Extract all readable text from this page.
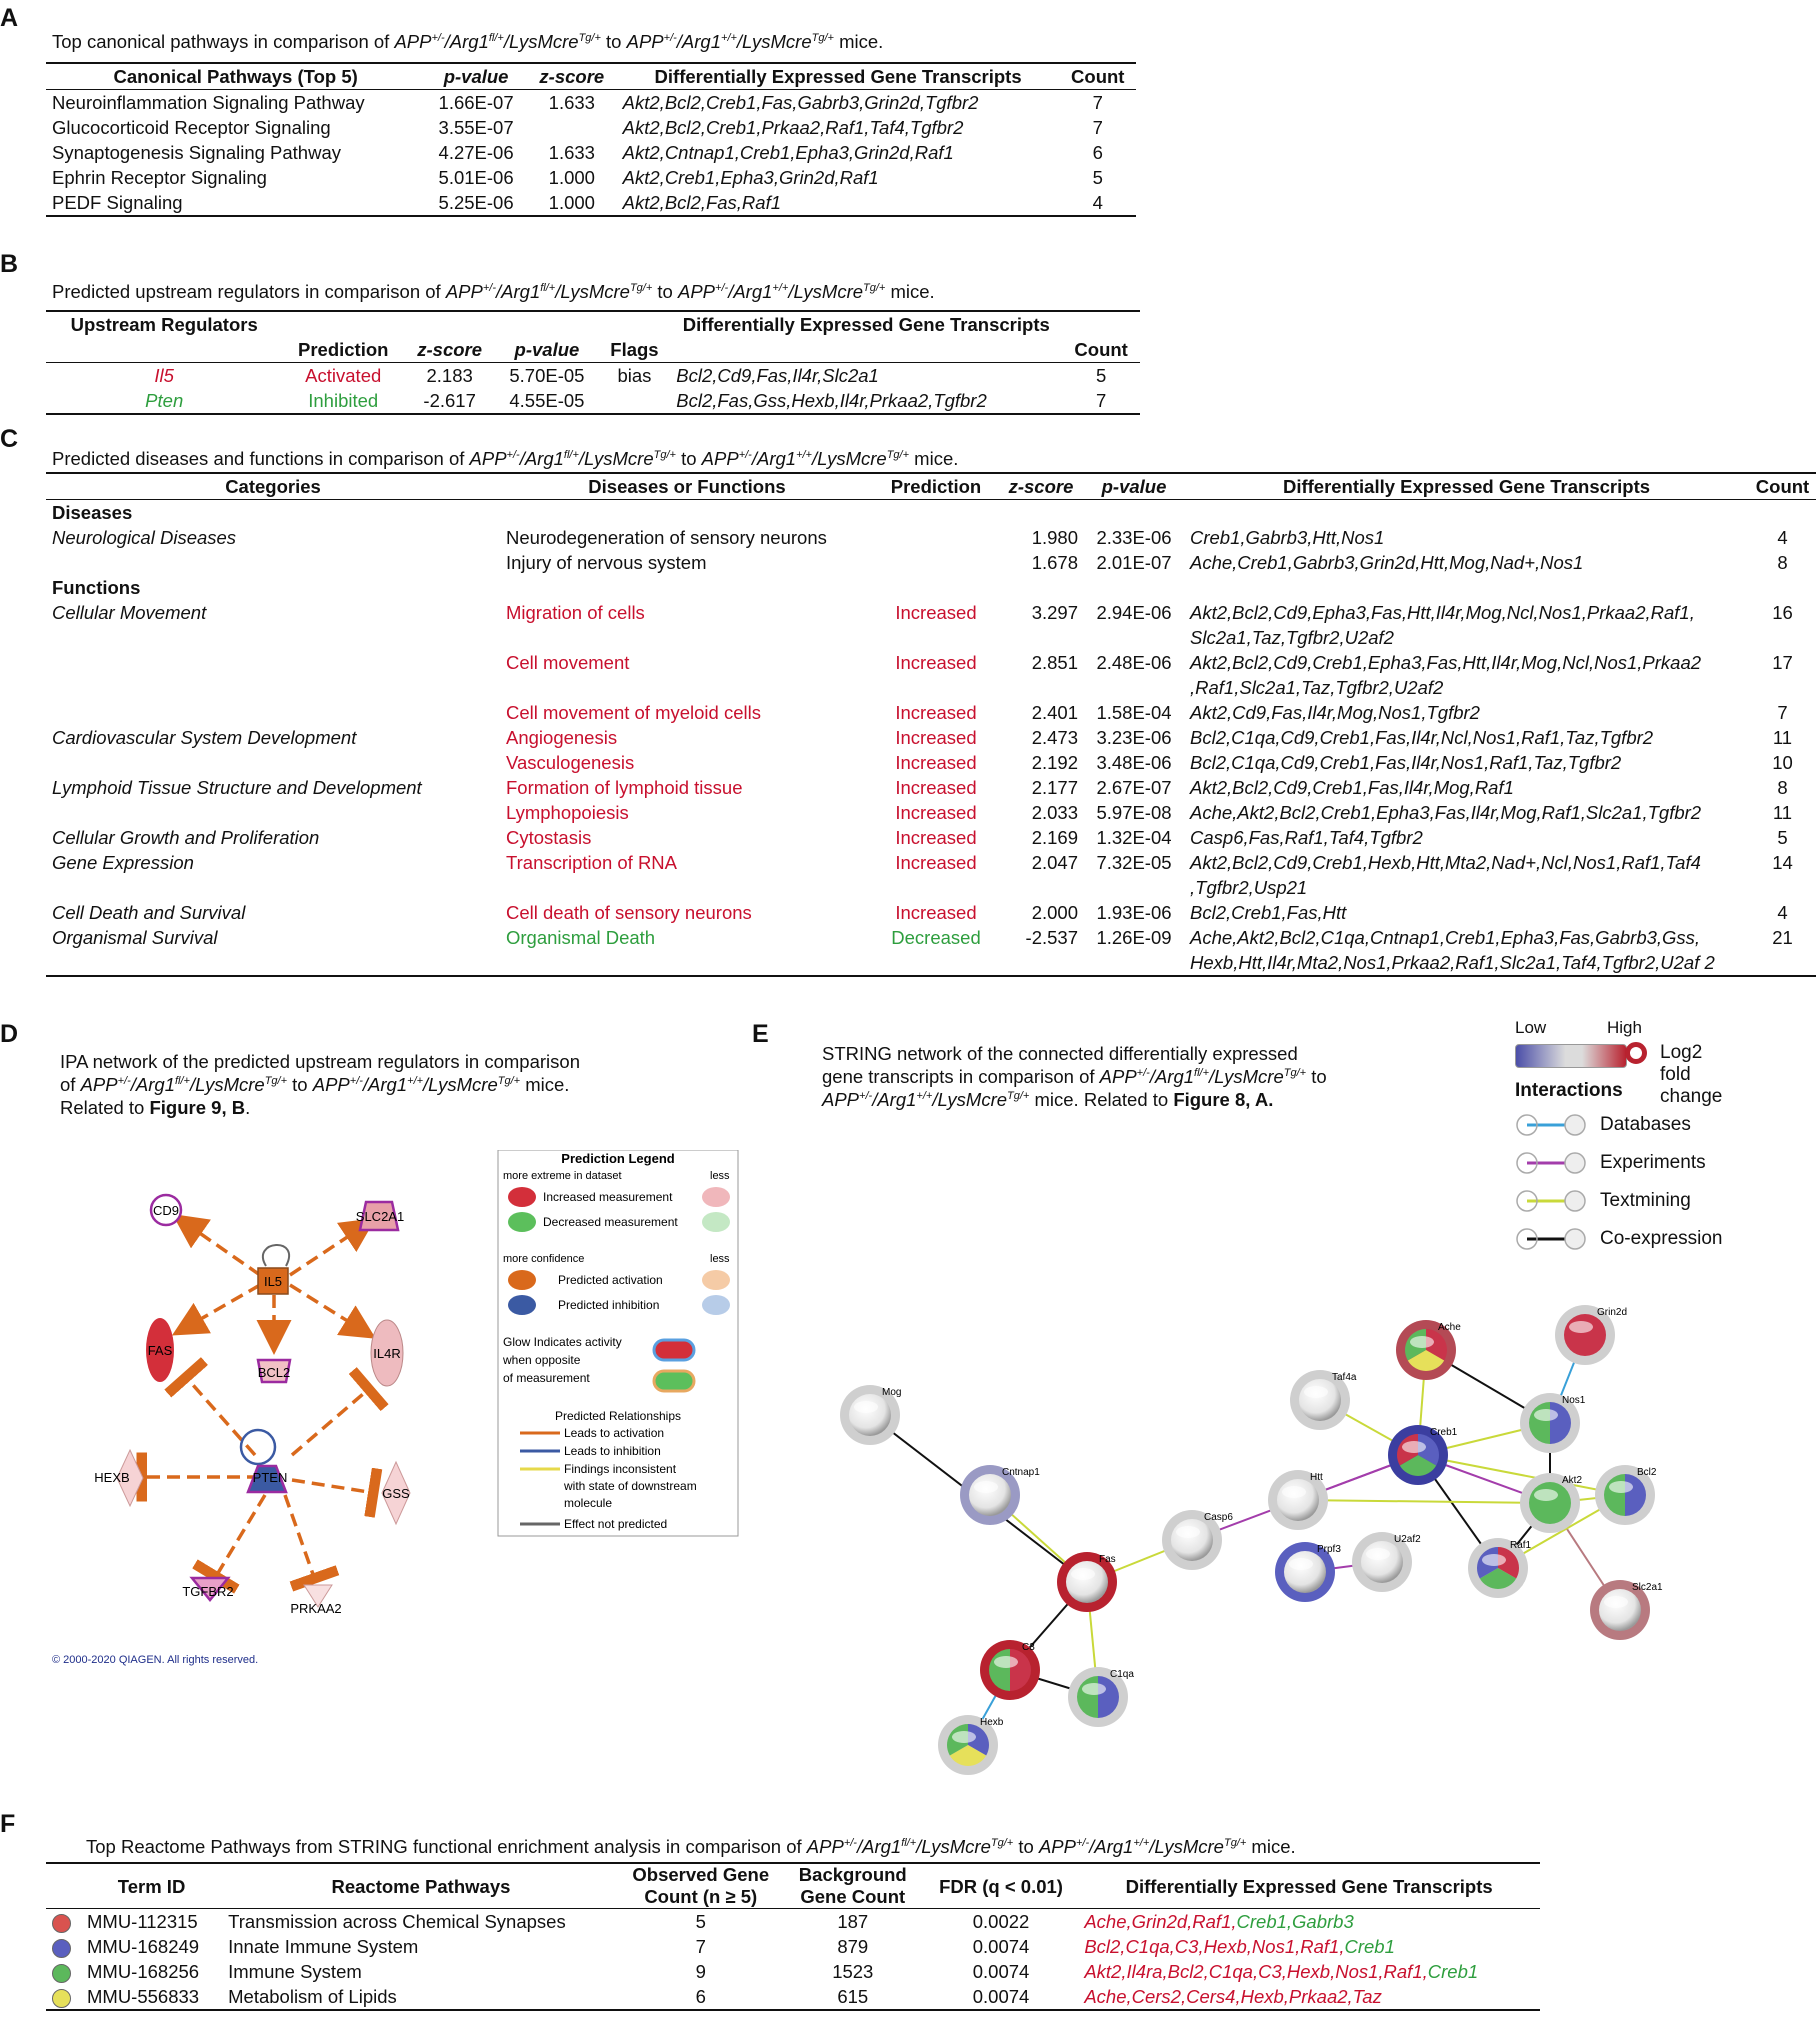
A
Top canonical pathways in comparison of $APP^{+/-}/Arg1^{fl/+}/LysMcre^{Tg/+}$ to APP+/-/Arg1+/+/LysMcre$^{Tg/+}$ mice.
Canonical Pathways (Top 5)	p-value	z-score	Differentially Expressed Gene Transcripts	Count
Neuroinflammation Signaling Pathway	1.66E-07	1.633	Akt2,Bcl2,Creb1,Fas,Gabrb3,Grin2d,Tgfbr2	7
Glucocorticoid Receptor Signaling	3.55E-07		Akt2,Bcl2,Creb1,Prkaa2,Raf1,Taf4,Tgfbr2	7
Synaptogenesis Signaling Pathway	4.27E-06	1.633	Akt2,Cntnap1,Creb1,Epha3,Grin2d,Raf1	6
Ephrin Receptor Signaling	5.01E-06	1.000	Akt2,Creb1,Epha3,Grin2d,Raf1	5
PEDF Signaling	5.25E-06	1.000	Akt2,Bcl2,Fas,Raf1	4
B
Predicted upstream regulators in comparison of $APP^{+/-}/Arg1^{fl/+}/LysMcre^{Tg/+}$ to APP+/-/Arg1+/+/LysMcre$^{Tg/+}$ mice.
Upstream Regulators					Differentially Expressed Gene Transcripts	
	Prediction	z-score	p-value	Flags		Count
Il5	Activated	2.183	5.70E-05	bias	Bcl2,Cd9,Fas,Il4r,Slc2a1	5
Pten	Inhibited	-2.617	4.55E-05		Bcl2,Fas,Gss,Hexb,Il4r,Prkaa2,Tgfbr2	7
C
Predicted diseases and functions in comparison of $APP^{+/-}/Arg1^{fl/+}/LysMcre^{Tg/+}$ to APP+/-/Arg1+/+/LysMcre$^{Tg/+}$ mice.
Categories	Diseases or Functions	Prediction	z-score	p-value	Differentially Expressed Gene Transcripts	Count
Diseases						
Neurological Diseases	Neurodegeneration of sensory neurons		1.980	2.33E-06	Creb1,Gabrb3,Htt,Nos1	4
	Injury of nervous system		1.678	2.01E-07	Ache,Creb1,Gabrb3,Grin2d,Htt,Mog,Nad+,Nos1	8
Functions						
Cellular Movement	Migration of cells	Increased	3.297	2.94E-06	Akt2,Bcl2,Cd9,Epha3,Fas,Htt,Il4r,Mog,Ncl,Nos1,Prkaa2,Raf1, Slc2a1,Taz,Tgfbr2,U2af2	16
	Cell movement	Increased	2.851	2.48E-06	Akt2,Bcl2,Cd9,Creb1,Epha3,Fas,Htt,Il4r,Mog,Ncl,Nos1,Prkaa2 ,Raf1,Slc2a1,Taz,Tgfbr2,U2af2	17
	Cell movement of myeloid cells	Increased	2.401	1.58E-04	Akt2,Cd9,Fas,Il4r,Mog,Nos1,Tgfbr2	7
Cardiovascular System Development	Angiogenesis	Increased	2.473	3.23E-06	Bcl2,C1qa,Cd9,Creb1,Fas,Il4r,Ncl,Nos1,Raf1,Taz,Tgfbr2	11
	Vasculogenesis	Increased	2.192	3.48E-06	Bcl2,C1qa,Cd9,Creb1,Fas,Il4r,Nos1,Raf1,Taz,Tgfbr2	10
Lymphoid Tissue Structure and Development	Formation of lymphoid tissue	Increased	2.177	2.67E-07	Akt2,Bcl2,Cd9,Creb1,Fas,Il4r,Mog,Raf1	8
	Lymphopoiesis	Increased	2.033	5.97E-08	Ache,Akt2,Bcl2,Creb1,Epha3,Fas,Il4r,Mog,Raf1,Slc2a1,Tgfbr2	11
Cellular Growth and Proliferation	Cytostasis	Increased	2.169	1.32E-04	Casp6,Fas,Raf1,Taf4,Tgfbr2	5
Gene Expression	Transcription of RNA	Increased	2.047	7.32E-05	Akt2,Bcl2,Cd9,Creb1,Hexb,Htt,Mta2,Nad+,Ncl,Nos1,Raf1,Taf4 ,Tgfbr2,Usp21	14
Cell Death and Survival	Cell death of sensory neurons	Increased	2.000	1.93E-06	Bcl2,Creb1,Fas,Htt	4
Organismal Survival	Organismal Death	Decreased	-2.537	1.26E-09	Ache,Akt2,Bcl2,C1qa,Cntnap1,Creb1,Epha3,Fas,Gabrb3,Gss, Hexb,Htt,Il4r,Mta2,Nos1,Prkaa2,Raf1,Slc2a1,Taf4,Tgfbr2,U2af 2	21
D
IPA network of the predicted upstream regulators in comparison
of $APP^{+/-}/Arg1^{fl/+}/LysMcre^{Tg/+}$ to APP+/-/Arg1+/+/LysMcre$^{Tg/+}$ mice.
Related to Figure 9, B.
CD9	SLC2A1
IL5
FAS
BCL2
IL4R
HEXB	PTEN
GSS
TGFBR2
PRKAA2
Prediction Legend
more extreme in dataset	less
Increased measurement
Decreased measurement
more confidence	less
Predicted activation
Predicted inhibition
Glow Indicates activity
when opposite
of measurement
Predicted Relationships
Leads to activation
Leads to inhibition
Findings inconsistent
with state of downstream
molecule
Effect not predicted
© 2000-2020 QIAGEN. All rights reserved.
E
STRING network of the connected differentially expressed
gene transcripts in comparison of $APP^{+/-}/Arg1^{fl/+}/LysMcre^{Tg/+}$ to
APP+/-/Arg1+/+/LysMcre$^{Tg/+}$ mice. Related to Figure 8, A.
Low	High
Log2 fold change
Interactions
Databases
Experiments
Textmining
Co-expression
Mog
Cntnap1
Fas
C3
Hexb
C1qa
Casp6
Htt
Taf4a
Creb1
Prpf3
U2af2
Ache
Grin2d
Nos1
Akt2
Bcl2
Raf1
Slc2a1
F
Top Reactome Pathways from STRING functional enrichment analysis in comparison of $APP^{+/-}/Arg1^{fl/+}/LysMcre^{Tg/+}$ to APP+/-/Arg1+/+/LysMcre$^{Tg/+}$ mice.
	Term ID	Reactome Pathways	Observed Gene Count (n ≥ 5)	Background Gene Count	FDR (q < 0.01)	Differentially Expressed Gene Transcripts
	MMU-112315	Transmission across Chemical Synapses	5	187	0.0022	Ache,Grin2d,Raf1,Creb1,Gabrb3
	MMU-168249	Innate Immune System	7	879	0.0074	Bcl2,C1qa,C3,Hexb,Nos1,Raf1,Creb1
	MMU-168256	Immune System	9	1523	0.0074	Akt2,Il4ra,Bcl2,C1qa,C3,Hexb,Nos1,Raf1,Creb1
	MMU-556833	Metabolism of Lipids	6	615	0.0074	Ache,Cers2,Cers4,Hexb,Prkaa2,Taz
